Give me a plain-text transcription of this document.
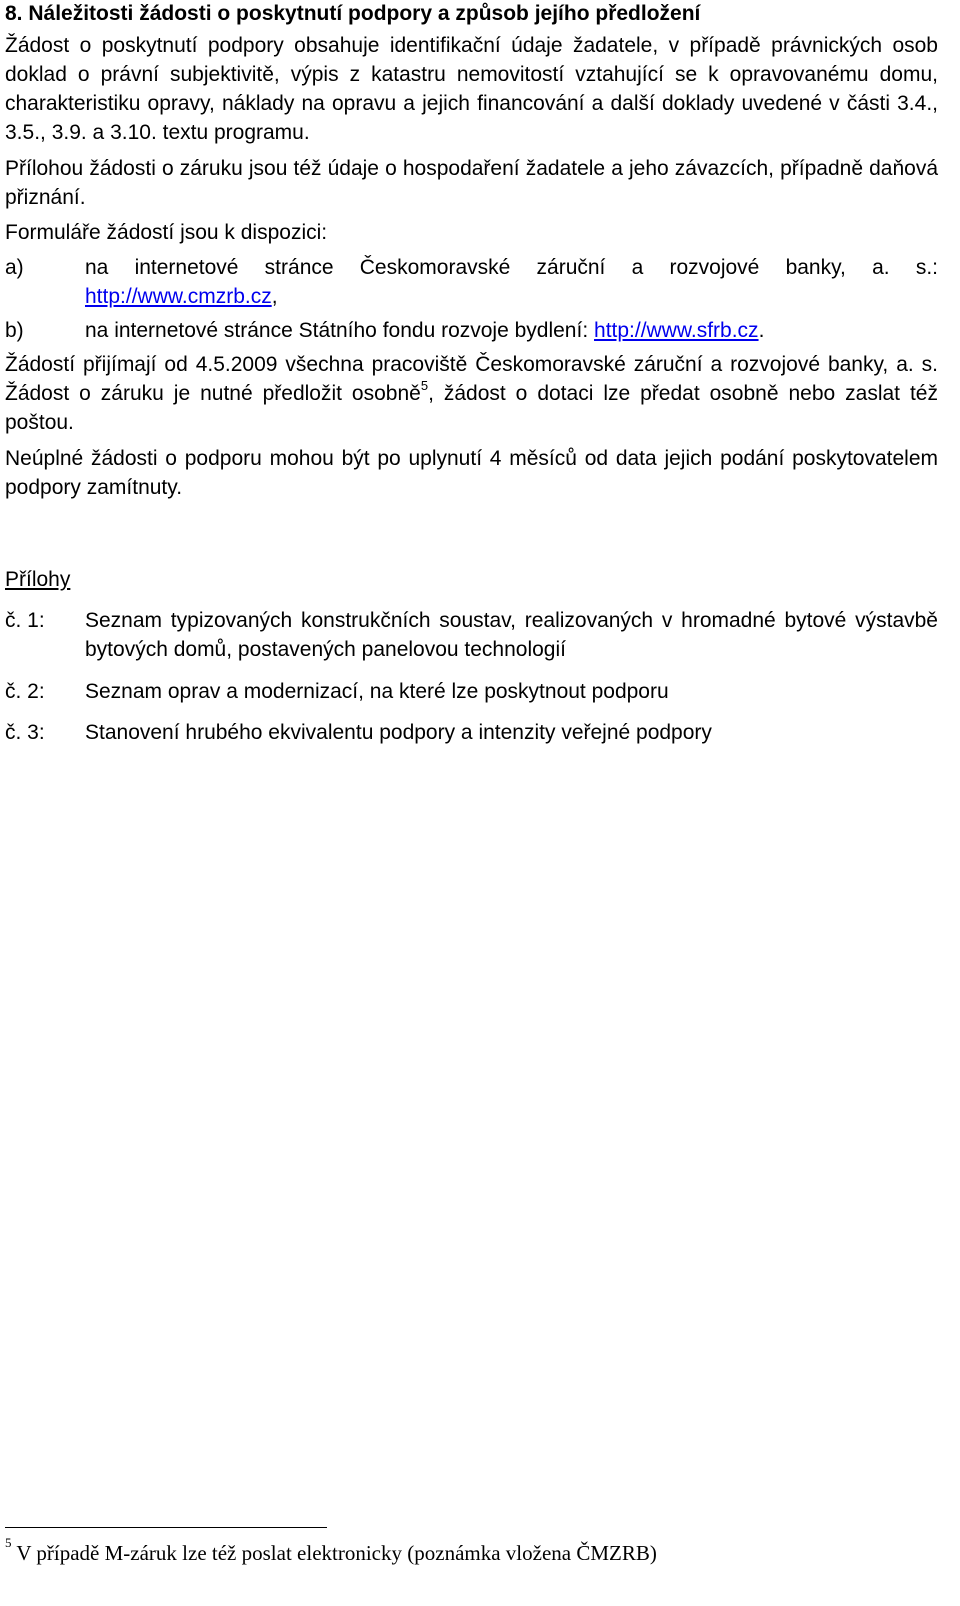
8. Náležitosti žádosti o poskytnutí podpory a způsob jejího předložení

Žádost o poskytnutí podpory obsahuje identifikační údaje žadatele, v případě právnických osob doklad o právní subjektivitě, výpis z katastru nemovitostí vztahující se k opravovanému domu, charakteristiku opravy, náklady na opravu a jejich financování a další doklady uvedené v části 3.4., 3.5., 3.9. a 3.10. textu programu.

Přílohou žádosti o záruku jsou též údaje o hospodaření žadatele a jeho závazcích, případně daňová přiznání.

Formuláře žádostí jsou k dispozici:

a)	na internetové stránce Českomoravské záruční a rozvojové banky, a. s.: http://www.cmzrb.cz,
b)	na internetové stránce Státního fondu rozvoje bydlení: http://www.sfrb.cz.

Žádostí přijímají od 4.5.2009 všechna pracoviště Českomoravské záruční a rozvojové banky, a. s. Žádost o záruku je nutné předložit osobně$^5$, žádost o dotaci lze předat osobně nebo zaslat též poštou.

Neúplné žádosti o podporu mohou být po uplynutí 4 měsíců od data jejich podání poskytovatelem podpory zamítnuty.

Přílohy

č. 1: Seznam typizovaných konstrukčních soustav, realizovaných v hromadné bytové výstavbě bytových domů, postavených panelovou technologií
č. 2: Seznam oprav a modernizací, na které lze poskytnout podporu
č. 3: Stanovení hrubého ekvivalentu podpory a intenzity veřejné podpory
$^5$ V případě M-záruk lze též poslat elektronicky (poznámka vložena ČMZRB)
